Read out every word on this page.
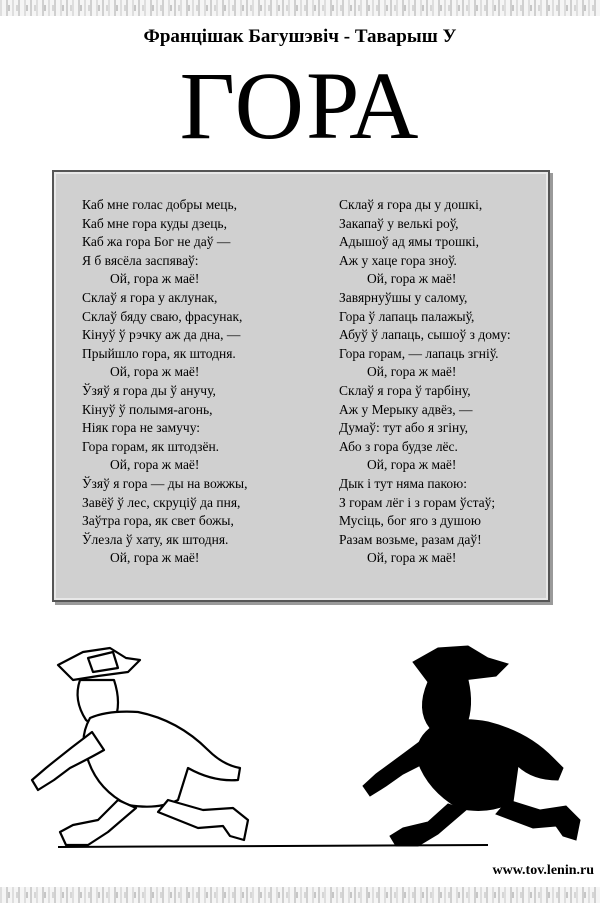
Францішак Багушэвіч - Таварыш У
ГОРА
Каб мне голас добры мець,
Каб мне гора куды дзець,
Каб жа гора Бог не даў —
Я б вясёла заспяваў:
Ой, гора ж маё!
Склаў я гора у аклунак,
Склаў бяду сваю, фрасунак,
Кінуў ў рэчку аж да дна, —
Прыйшло гора, як штодня.
Ой, гора ж маё!
Ўзяў я гора ды ў анучу,
Кінуў ў полымя-агонь,
Ніяк гора не замучу:
Гора горам, як штодзён.
Ой, гора ж маё!
Ўзяў я гора — ды на вожжы,
Завёў ў лес, скруціў да пня,
Заўтра гора, як свет божы,
Ўлезла ў хату, як штодня.
Ой, гора ж маё!
Склаў я гора ды у дошкі,
Закапаў у велькі роў,
Адышоў ад ямы трошкі,
Аж у хаце гора зноў.
Ой, гора ж маё!
Завярнуўшы у салому,
Гора ў лапаць палажыў,
Абуў ў лапаць, сышоў з дому:
Гора горам, — лапаць згніў.
Ой, гора ж маё!
Склаў я гора ў тарбіну,
Аж у Мерыку адвёз, —
Думаў: тут або я згіну,
Або з гора будзе лёс.
Ой, гора ж маё!
Дык і тут няма пакою:
З горам лёг і з горам ўстаў;
Мусіць, бог яго з душою
Разам возьме, разам даў!
Ой, гора ж маё!
www.tov.lenin.ru
